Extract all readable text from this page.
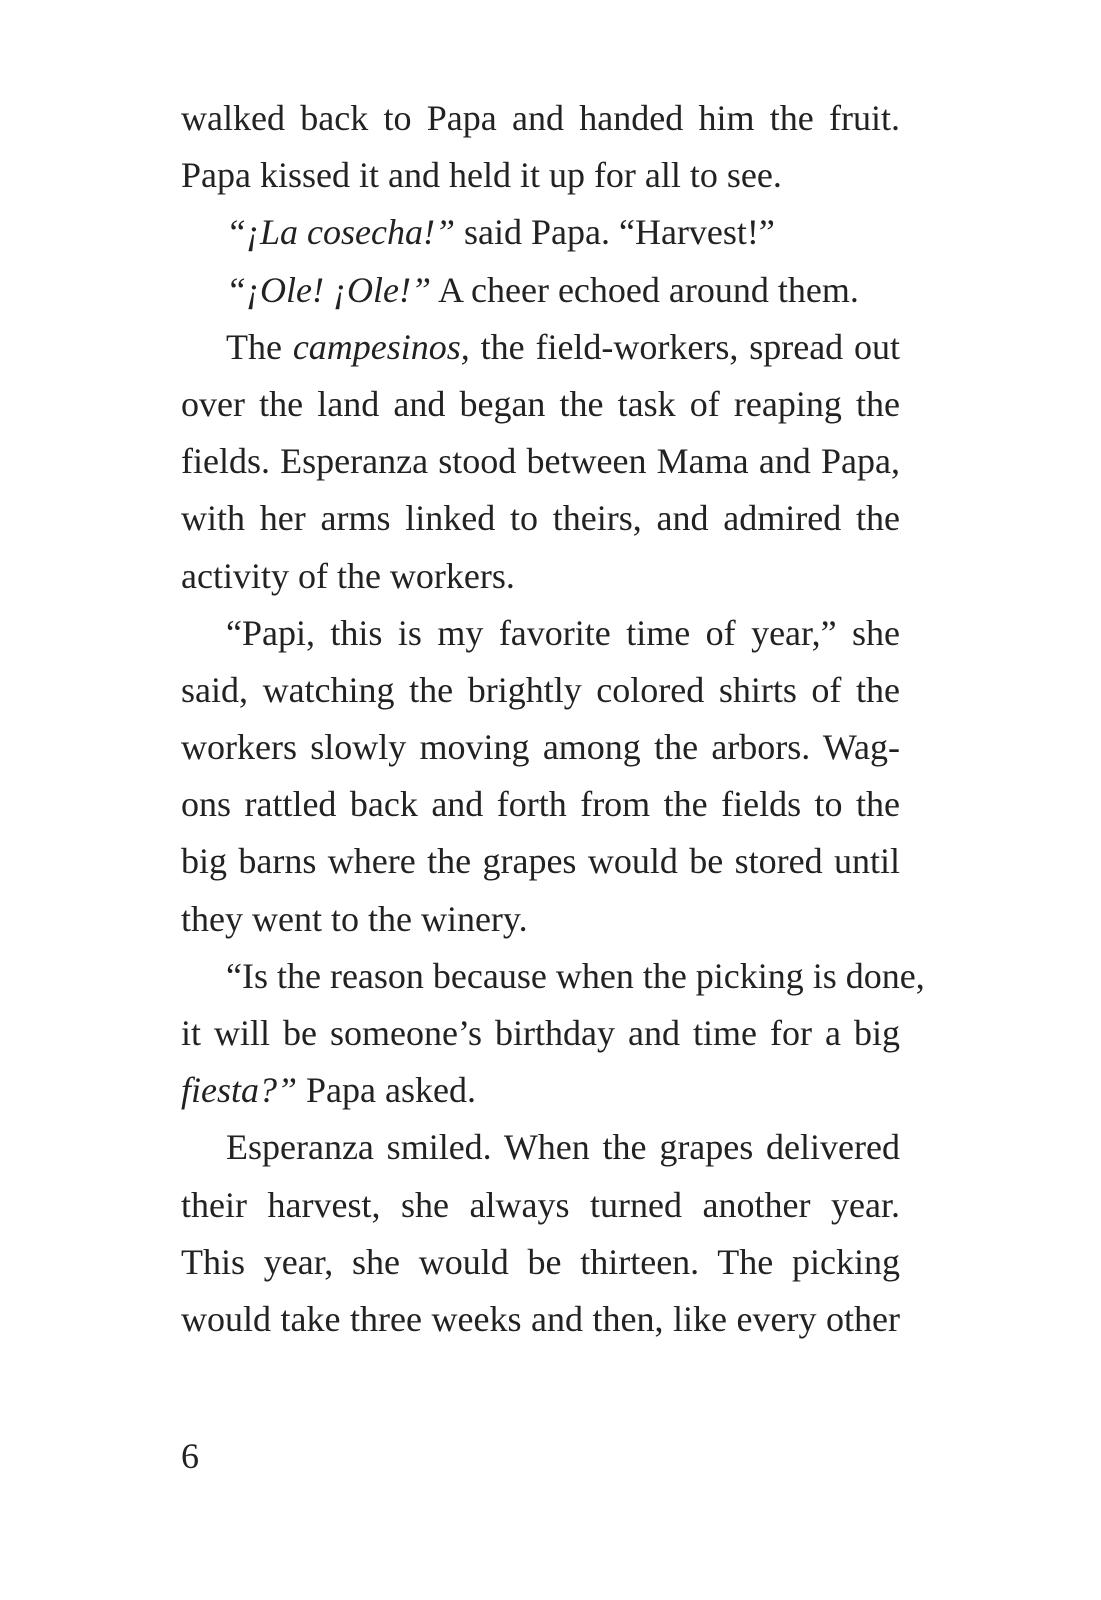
walked back to Papa and handed him the fruit.
Papa kissed it and held it up for all to see.
“¡La cosecha!” said Papa. “Harvest!”
“¡Ole! ¡Ole!” A cheer echoed around them.
The campesinos, the field-workers, spread out
over the land and began the task of reaping the
fields. Esperanza stood between Mama and Papa,
with her arms linked to theirs, and admired the
activity of the workers.
“Papi, this is my favorite time of year,” she
said, watching the brightly colored shirts of the
workers slowly moving among the arbors. Wag-
ons rattled back and forth from the fields to the
big barns where the grapes would be stored until
they went to the winery.
“Is the reason because when the picking is done,
it will be someone’s birthday and time for a big
fiesta?” Papa asked.
Esperanza smiled. When the grapes delivered
their harvest, she always turned another year.
This year, she would be thirteen. The picking
would take three weeks and then, like every other
6
